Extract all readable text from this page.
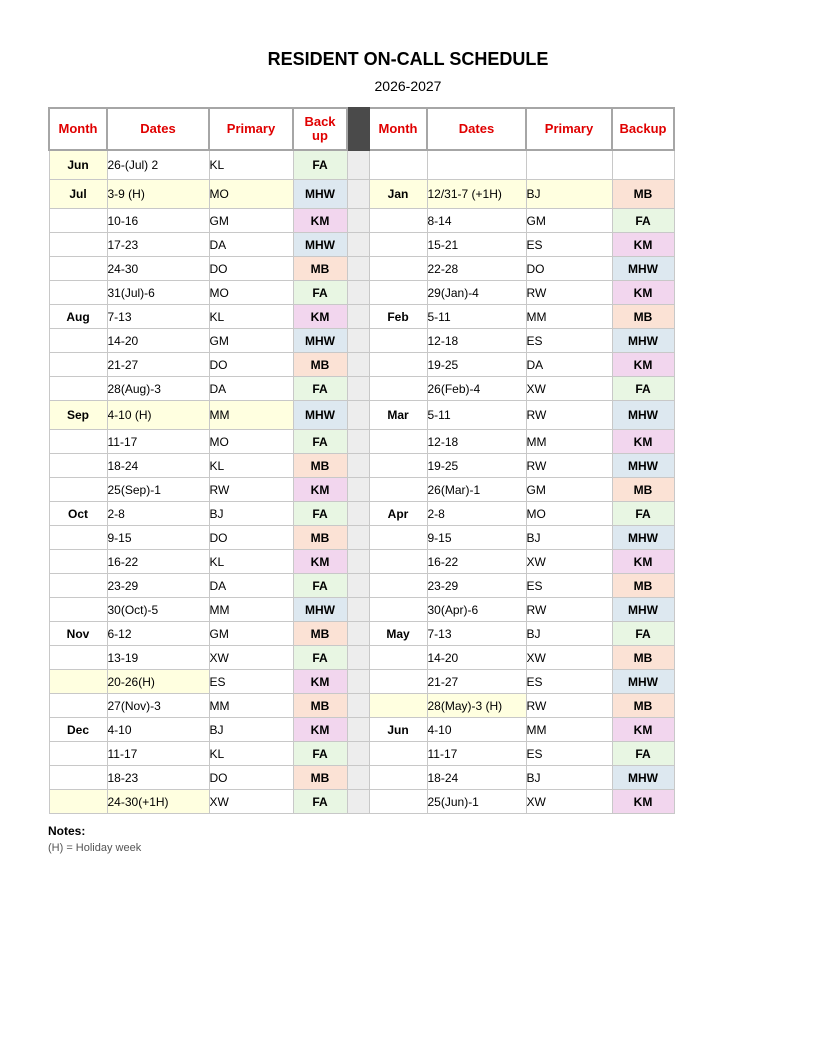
RESIDENT ON-CALL SCHEDULE
2026-2027
Month	Dates	Primary	Back up		Month	Dates	Primary	Backup
Jun	26-(Jul) 2	KL	FA					
Jul	3-9 (H)	MO	MHW		Jan	12/31-7 (+1H)	BJ	MB
	10-16	GM	KM			8-14	GM	FA
	17-23	DA	MHW			15-21	ES	KM
	24-30	DO	MB			22-28	DO	MHW
	31(Jul)-6	MO	FA			29(Jan)-4	RW	KM
Aug	7-13	KL	KM		Feb	5-11	MM	MB
	14-20	GM	MHW			12-18	ES	MHW
	21-27	DO	MB			19-25	DA	KM
	28(Aug)-3	DA	FA			26(Feb)-4	XW	FA
Sep	4-10 (H)	MM	MHW		Mar	5-11	RW	MHW
	11-17	MO	FA			12-18	MM	KM
	18-24	KL	MB			19-25	RW	MHW
	25(Sep)-1	RW	KM			26(Mar)-1	GM	MB
Oct	2-8	BJ	FA		Apr	2-8	MO	FA
	9-15	DO	MB			9-15	BJ	MHW
	16-22	KL	KM			16-22	XW	KM
	23-29	DA	FA			23-29	ES	MB
	30(Oct)-5	MM	MHW			30(Apr)-6	RW	MHW
Nov	6-12	GM	MB		May	7-13	BJ	FA
	13-19	XW	FA			14-20	XW	MB
	20-26(H)	ES	KM			21-27	ES	MHW
	27(Nov)-3	MM	MB			28(May)-3 (H)	RW	MB
Dec	4-10	BJ	KM		Jun	4-10	MM	KM
	11-17	KL	FA			11-17	ES	FA
	18-23	DO	MB			18-24	BJ	MHW
	24-30(+1H)	XW	FA			25(Jun)-1	XW	KM
Notes:
(H) = Holiday week
